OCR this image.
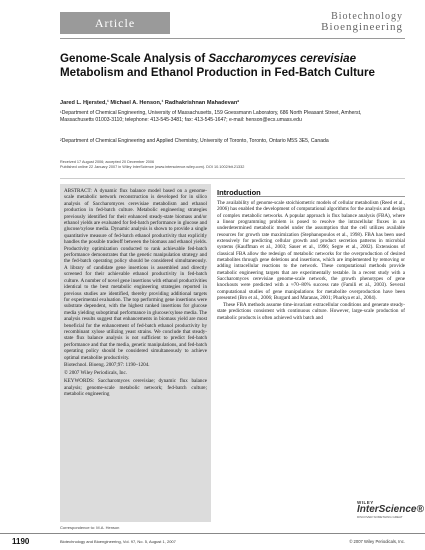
Article	Biotechnology
Bioengineering
Genome-Scale Analysis of Saccharomyces cerevisiae Metabolism and Ethanol Production in Fed-Batch Culture
Jared L. Hjersted,¹ Michael A. Henson,¹ Radhakrishnan Mahadevan²
¹Department of Chemical Engineering, University of Massachusetts, 159 Goessmann Laboratory, 686 North Pleasant Street, Amherst, Massachusetts 01003-3110; telephone: 413-545-3481; fax: 413-545-1647; e-mail: henson@ecs.umass.edu
²Department of Chemical Engineering and Applied Chemistry, University of Toronto, Toronto, Ontario M5S 3E5, Canada
Received 17 August 2006; accepted 20 December 2006
Published online 22 January 2007 in Wiley InterScience (www.interscience.wiley.com). DOI 10.1002/bit.21332

ABSTRACT: A dynamic flux balance model based on a genome-scale metabolic network reconstruction is developed for in silico analysis of Saccharomyces cerevisiae metabolism and ethanol production in fed-batch culture. Metabolic engineering strategies previously identified for their enhanced steady-state biomass and/or ethanol yields are evaluated for fed-batch performance in glucose and glucose/xylose media. Dynamic analysis is shown to provide a single quantitative measure of fed-batch ethanol productivity that explicitly handles the possible tradeoff between the biomass and ethanol yields. Productivity optimization conducted to rank achievable fed-batch performance demonstrates that the genetic manipulation strategy and the fed-batch operating policy should be considered simultaneously. A library of candidate gene insertions is assembled and directly screened for their achievable ethanol productivity in fed-batch culture. A number of novel gene insertions with ethanol productivities identical to the best metabolic engineering strategies reported in previous studies are identified, thereby providing additional targets for experimental evaluation. The top performing gene insertions were substrate dependent, with the highest ranked insertions for glucose media yielding suboptimal performance in glucose/xylose media. The analysis results suggest that enhancements in biomass yield are most beneficial for the enhancement of fed-batch ethanol productivity by recombinant xylose utilizing yeast strains. We conclude that steady-state flux balance analysis is not sufficient to predict fed-batch performance and that the media, genetic manipulations, and fed-batch operating policy should be considered simultaneously to achieve optimal metabolite productivity.

Biotechnol. Bioeng. 2007;97: 1190–1204.

© 2007 Wiley Periodicals, Inc.

KEYWORDS: Saccharomyces cerevisiae; dynamic flux balance analysis; genome-scale metabolic network; fed-batch culture; metabolic engineering

Introduction

The availability of genome-scale stoichiometric models of cellular metabolism (Reed et al., 2006) has enabled the development of computational algorithms for the analysis and design of complex metabolic networks. A popular approach is flux balance analysis (FBA), where a linear programming problem is posed to resolve the intracellular fluxes in an underdetermined metabolic model under the assumption that the cell utilizes available resources for growth rate maximization (Stephanopoulos et al., 1998). FBA has been used extensively for predicting cellular growth and product secretion patterns in microbial systems (Kauffman et al., 2003; Sauer et al., 1996; Segre et al., 2002). Extensions of classical FBA allow the redesign of metabolic networks for the overproduction of desired metabolites through gene deletions and insertions, which are implemented by removing or adding intracellular reactions to the network. These computational methods provide metabolic engineering targets that are experimentally testable. In a recent study with a Saccharomyces cerevisiae genome-scale network, the growth phenotypes of gene knockouts were predicted with a ≈70–80% success rate (Famili et al., 2003). Several computational studies of gene manipulations for metabolite overproduction have been presented (Bro et al., 2006; Burgard and Maranas, 2001; Pharkya et al., 2004).

These FBA methods assume time-invariant extracellular conditions and generate steady-state predictions consistent with continuous culture. However, large-scale production of metabolic products is often achieved with batch and

WILEY
InterScience®
DISCOVER SOMETHING GREAT
Correspondence to: M.A. Henson
1190	Biotechnology and Bioengineering, Vol. 97, No. 5, August 1, 2007	© 2007 Wiley Periodicals, Inc.
